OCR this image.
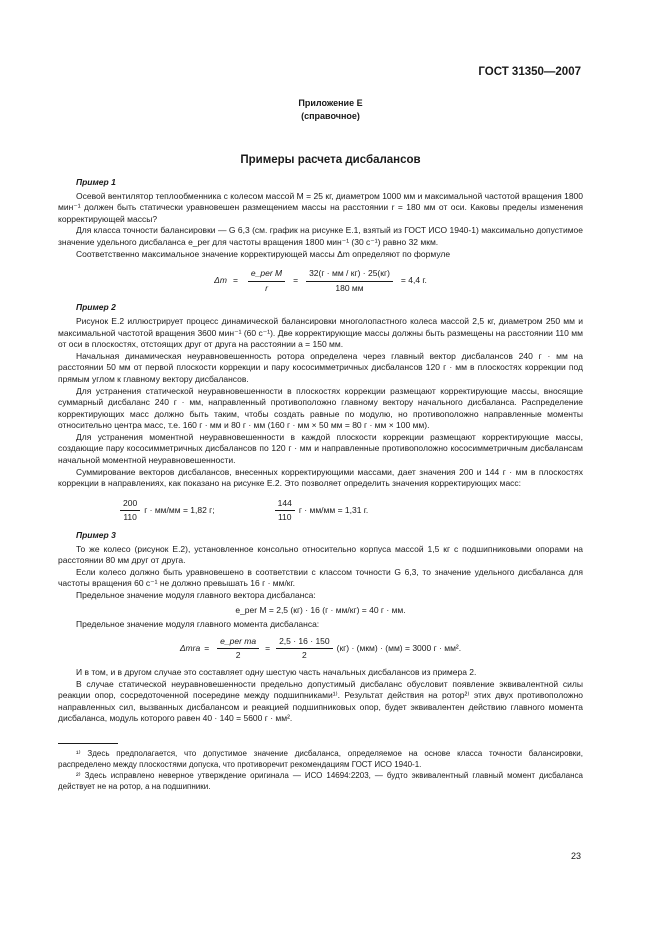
ГОСТ 31350—2007
Приложение Е
(справочное)
Примеры расчета дисбалансов

Пример 1

Осевой вентилятор теплообменника с колесом массой M = 25 кг, диаметром 1000 мм и максимальной частотой вращения 1800 мин⁻¹ должен быть статически уравновешен размещением массы на расстоянии r = 180 мм от оси. Каковы пределы изменения корректирующей массы?

Для класса точности балансировки — G 6,3 (см. график на рисунке Е.1, взятый из ГОСТ ИСО 1940-1) максимально допустимое значение удельного дисбаланса e_per для частоты вращения 1800 мин⁻¹ (30 с⁻¹) равно 32 мкм.

Соответственно максимальное значение корректирующей массы Δm определяют по формуле

$\Delta m = \frac{\text{e\_per M}}{r} = \frac{32(г \cdot мм / кг) \cdot 25(кг)}{180 мм} = 4,4$ г.

Пример 2

Рисунок Е.2 иллюстрирует процесс динамической балансировки многолопастного колеса массой 2,5 кг, диаметром 250 мм и максимальной частотой вращения 3600 мин⁻¹ (60 с⁻¹). Две корректирующие массы должны быть размещены на расстоянии 110 мм от оси в плоскостях, отстоящих друг от друга на расстоянии a = 150 мм.

Начальная динамическая неуравновешенность ротора определена через главный вектор дисбалансов 240 г · мм на расстоянии 50 мм от первой плоскости коррекции и пару кососимметричных дисбалансов 120 г · мм в плоскостях коррекции под прямым углом к главному вектору дисбалансов.

Для устранения статической неуравновешенности в плоскостях коррекции размещают корректирующие массы, вносящие суммарный дисбаланс 240 г · мм, направленный противоположно главному вектору начального дисбаланса. Распределение корректирующих масс должно быть таким, чтобы создать равные по модулю, но противоположно направленные моменты относительно центра масс, т.е. 160 г · мм и 80 г · мм (160 г · мм × 50 мм = 80 г · мм × 100 мм).

Для устранения моментной неуравновешенности в каждой плоскости коррекции размещают корректирующие массы, создающие пару кососимметричных дисбалансов по 120 г · мм и направленные противоположно кососимметричным дисбалансам начальной моментной неуравновешенности.

Суммирование векторов дисбалансов, внесенных корректирующими массами, дает значения 200 и 144 г · мм в плоскостях коррекции в направлениях, как показано на рисунке Е.2. Это позволяет определить значения корректирующих масс:

$\frac{200}{110}$ г · мм/мм = 1,82 г;	$\frac{144}{110}$ г · мм/мм = 1,31 г.

Пример 3

То же колесо (рисунок Е.2), установленное консольно относительно корпуса массой 1,5 кг с подшипниковыми опорами на расстоянии 80 мм друг от друга.

Если колесо должно быть уравновешено в соответствии с классом точности G 6,3, то значение удельного дисбаланса для частоты вращения 60 с⁻¹ не должно превышать 16 г · мм/кг.

Предельное значение модуля главного вектора дисбаланса:

e_per M = 2,5 (кг) · 16 (г · мм/кг) = 40 г · мм.

Предельное значение модуля главного момента дисбаланса:

$\Delta mra = \frac{\text{e\_per ma}}{2} = \frac{2,5 \cdot 16 \cdot 150}{2} (кг) \cdot (мкм) \cdot (мм) = 3000$ г · мм².

И в том, и в другом случае это составляет одну шестую часть начальных дисбалансов из примера 2.

В случае статической неуравновешенности предельно допустимый дисбаланс обусловит появление эквивалентной силы реакции опор, сосредоточенной посередине между подшипниками¹⁾. Результат действия на ротор²⁾ этих двух противоположно направленных сил, вызванных дисбалансом и реакцией подшипниковых опор, будет эквивалентен действию главного момента дисбаланса, модуль которого равен 40 · 140 = 5600 г · мм².

¹⁾ Здесь предполагается, что допустимое значение дисбаланса, определяемое на основе класса точности балансировки, распределено между плоскостями допуска, что противоречит рекомендациям ГОСТ ИСО 1940-1.

²⁾ Здесь исправлено неверное утверждение оригинала — ИСО 14694:2203, — будто эквивалентный главный момент дисбаланса действует не на ротор, а на подшипники.

23
